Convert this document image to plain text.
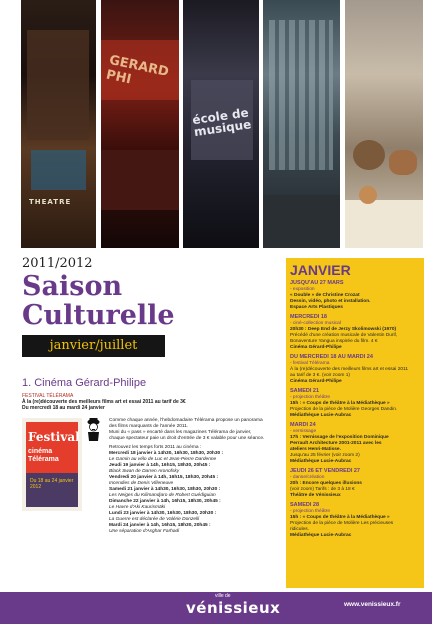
THEATRE
GERARD PHI
école de musique
2011/2012
Saison
Culturelle
janvier/juillet
JANVIER
JUSQU'AU 27 MARS
- exposition
« Double » de Christine Crozat
Dessin, vidéo, photo et installation.
Espace Arts Plastiques
MERCREDI 18
- ciné-collection musical
20h30 : Deep End de Jerzy Skolimowski (1970)
Précédé d'une création musicale de Valentin Durif,
Bonaventure Yangua inspirée du film. 4 €
Cinéma Gérard-Philipe
DU MERCREDI 18 AU MARDI 24
- festival Télérama
À la (re)découverte des meilleurs films art et essai 2011
au tarif de 3 €. (voir zoom 1)
Cinéma Gérard-Philipe
SAMEDI 21
- projection théâtre
15h : « Coups de théâtre à la Médiathèque »
Projection de la pièce de Molière Georges Dandin.
Médiathèque Lucie-Aubrac
MARDI 24
- vernissage
17h : Vernissage de l'exposition Dominique
Perrault Architecture 2001-2011 avec les
ateliers Henri-Matisse.
Jusqu'au 25 février (voir zoom 2)
Médiathèque Lucie-Aubrac
JEUDI 26 ET VENDREDI 27
- danse/création
20h : Encore quelques illusions
(voir zoom) Tarifs : de 3 à 18 €
Théâtre de Vénissieux
SAMEDI 28
- projection théâtre
15h : « Coups de théâtre à la Médiathèque »
Projection de la pièce de Molière Les précieuses
ridicules.
Médiathèque Lucie-Aubrac
1. Cinéma Gérard-Philipe
FESTIVAL TÉLÉRAMA
À la (re)découverte des meilleurs films art et essai 2011 au tarif de 3€
Du mercredi 18 au mardi 24 janvier
Festival
cinéma Télérama
Du 18 au 24 janvier 2012
Comme chaque année, l'hebdomadaire Télérama propose un panorama
des films marquants de l'année 2011.
Muni du « pass » encarté dans les magazines Télérama de janvier,
chaque spectateur paie un droit d'entrée de 3 € valable pour une séance.
Retrouvez les temps forts 2011 au cinéma :
Mercredi 18 janvier à 14h30, 16h30, 18h30, 20h30 :
Le Gamin au vélo de Luc et Jean-Pierre Dardenne
Jeudi 19 janvier à 14h, 16h15, 18h30, 20h45 :
Black Swan de Darren Aronofsky
Vendredi 20 janvier à 14h, 16h15, 18h30, 20h45 :
Incendies de Denis Villeneuve
Samedi 21 janvier à 14h30, 16h30, 18h30, 20h30 :
Les Neiges du Kilimandjaro de Robert Guédiguian
Dimanche 22 janvier à 14h, 16h15, 18h30, 20h45 :
Le Havre d'Aki Kaurismäki
Lundi 23 janvier à 14h30, 16h30, 18h30, 20h30 :
La Guerre est déclarée de Valérie Donzelli
Mardi 24 janvier à 14h, 16h15, 18h30, 20h45 :
Une séparation d'Asghar Farhadi
ville de
vénissieux	www.venissieux.fr
